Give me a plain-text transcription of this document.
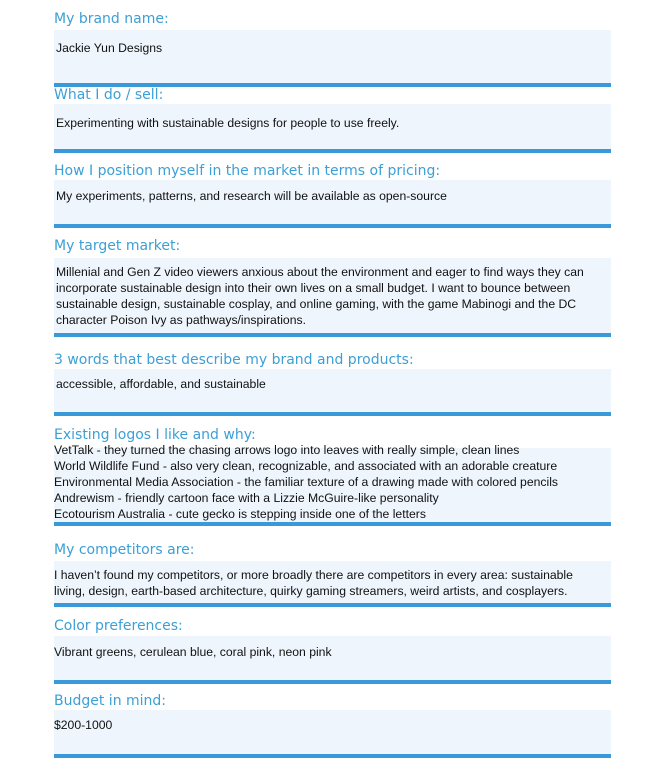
My brand name:
Jackie Yun Designs
What I do / sell:
Experimenting with sustainable designs for people to use freely.
How I position myself in the market in terms of pricing:
My experiments, patterns, and research will be available as open-source
My target market:
Millenial and Gen Z video viewers anxious about the environment and eager to find ways they can incorporate sustainable design into their own lives on a small budget. I want to bounce between sustainable design, sustainable cosplay, and online gaming, with the game Mabinogi and the DC character Poison Ivy as pathways/inspirations.
3 words that best describe my brand and products:
accessible, affordable, and sustainable
Existing logos I like and why:
VetTalk - they turned the chasing arrows logo into leaves with really simple, clean lines
World Wildlife Fund - also very clean, recognizable, and associated with an adorable creature
Environmental Media Association - the familiar texture of a drawing made with colored pencils
Andrewism - friendly cartoon face with a Lizzie McGuire-like personality
Ecotourism Australia - cute gecko is stepping inside one of the letters
My competitors are:
I haven’t found my competitors, or more broadly there are competitors in every area: sustainable living, design, earth-based architecture, quirky gaming streamers, weird artists, and cosplayers.
Color preferences:
Vibrant greens, cerulean blue, coral pink, neon pink
Budget in mind:
$200-1000
